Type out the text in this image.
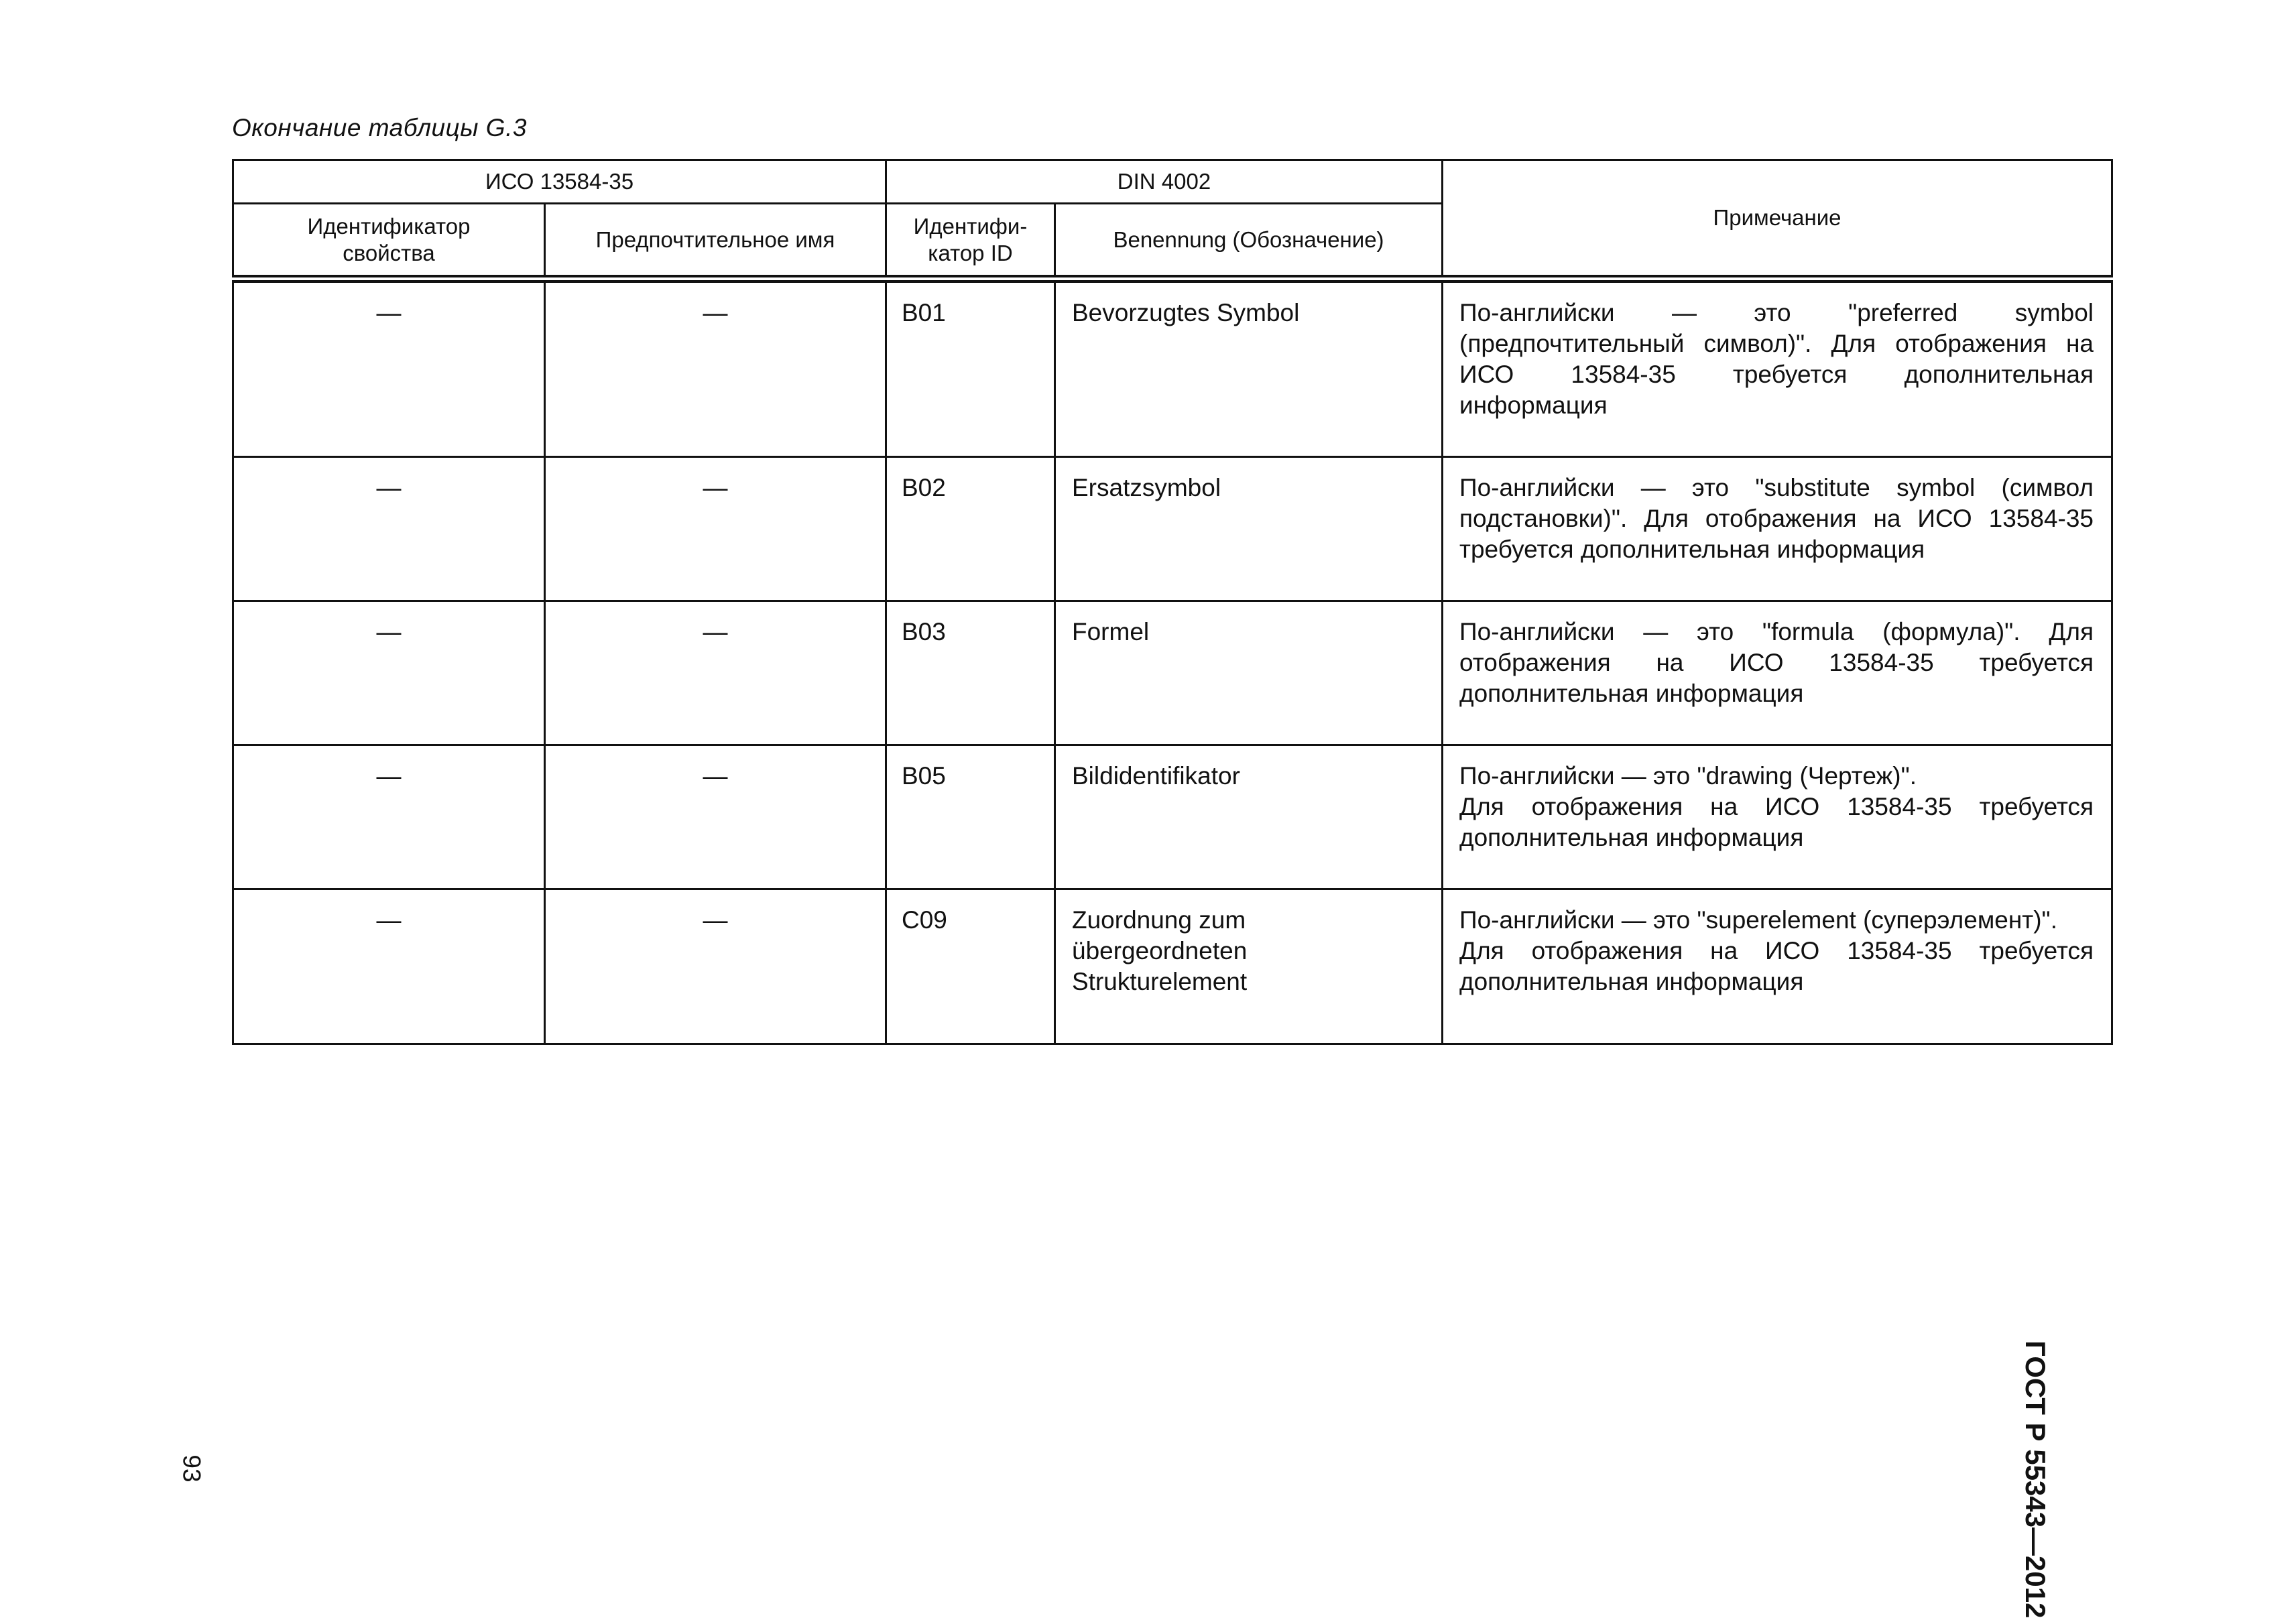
Окончание таблицы G.3
ИСО 13584-35		DIN 4002		Примечание
Идентификатор
свойства	Предпочтительное имя	Идентифи-
катор ID	Benennung (Обозначение)	
—	—	B01	Bevorzugtes Symbol	По-английски — это "preferred symbol (предпочтительный символ)". Для отображения на ИСО 13584-35 требуется дополнительная информация
—	—	B02	Ersatzsymbol	По-английски — это "substitute symbol (символ подстановки)". Для отображения на ИСО 13584-35 требуется дополнительная информация
—	—	B03	Formel	По-английски — это "formula (формула)". Для отображения на ИСО 13584-35 требуется дополнительная информация
—	—	B05	Bildidentifikator	По-английски — это "drawing (Чертеж)".
Для отображения на ИСО 13584-35 требуется дополнительная информация
—	—	C09	Zuordnung zum
übergeordneten
Strukturelement	По-английски — это "superelement (суперэлемент)".
Для отображения на ИСО 13584-35 требуется дополнительная информация
93	ГОСТ Р 55343—2012
